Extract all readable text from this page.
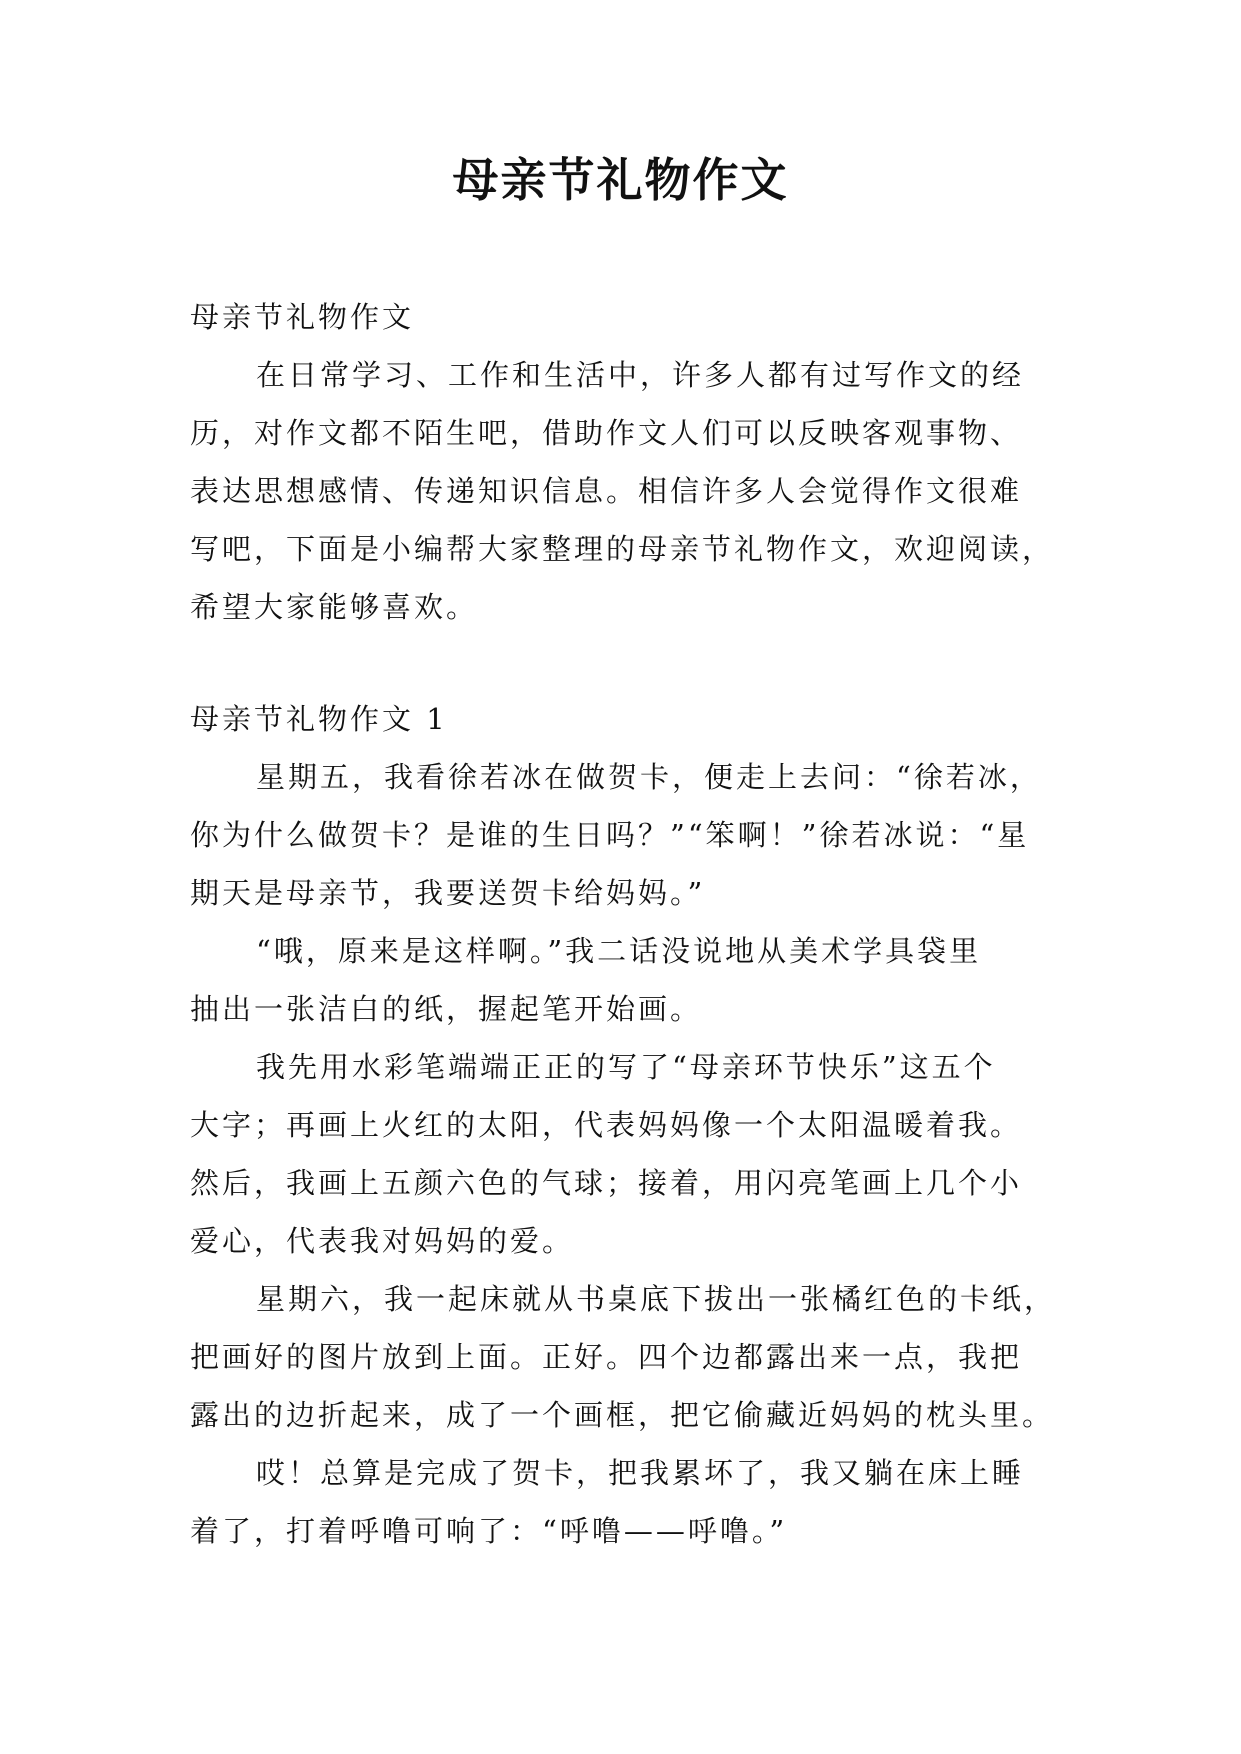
母亲节礼物作文
母亲节礼物作文
在日常学习、工作和生活中，许多人都有过写作文的经
历，对作文都不陌生吧，借助作文人们可以反映客观事物、
表达思想感情、传递知识信息。相信许多人会觉得作文很难
写吧，下面是小编帮大家整理的母亲节礼物作文，欢迎阅读，
希望大家能够喜欢。
母亲节礼物作文 1
星期五，我看徐若冰在做贺卡，便走上去问：“徐若冰，
你为什么做贺卡？是谁的生日吗？”“笨啊！”徐若冰说：“星
期天是母亲节，我要送贺卡给妈妈。”
“哦，原来是这样啊。”我二话没说地从美术学具袋里
抽出一张洁白的纸，握起笔开始画。
我先用水彩笔端端正正的写了“母亲环节快乐”这五个
大字；再画上火红的太阳，代表妈妈像一个太阳温暖着我。
然后，我画上五颜六色的气球；接着，用闪亮笔画上几个小
爱心，代表我对妈妈的爱。
星期六，我一起床就从书桌底下拔出一张橘红色的卡纸，
把画好的图片放到上面。正好。四个边都露出来一点，我把
露出的边折起来，成了一个画框，把它偷藏近妈妈的枕头里。
哎！总算是完成了贺卡，把我累坏了，我又躺在床上睡
着了，打着呼噜可响了：“呼噜——呼噜。”
